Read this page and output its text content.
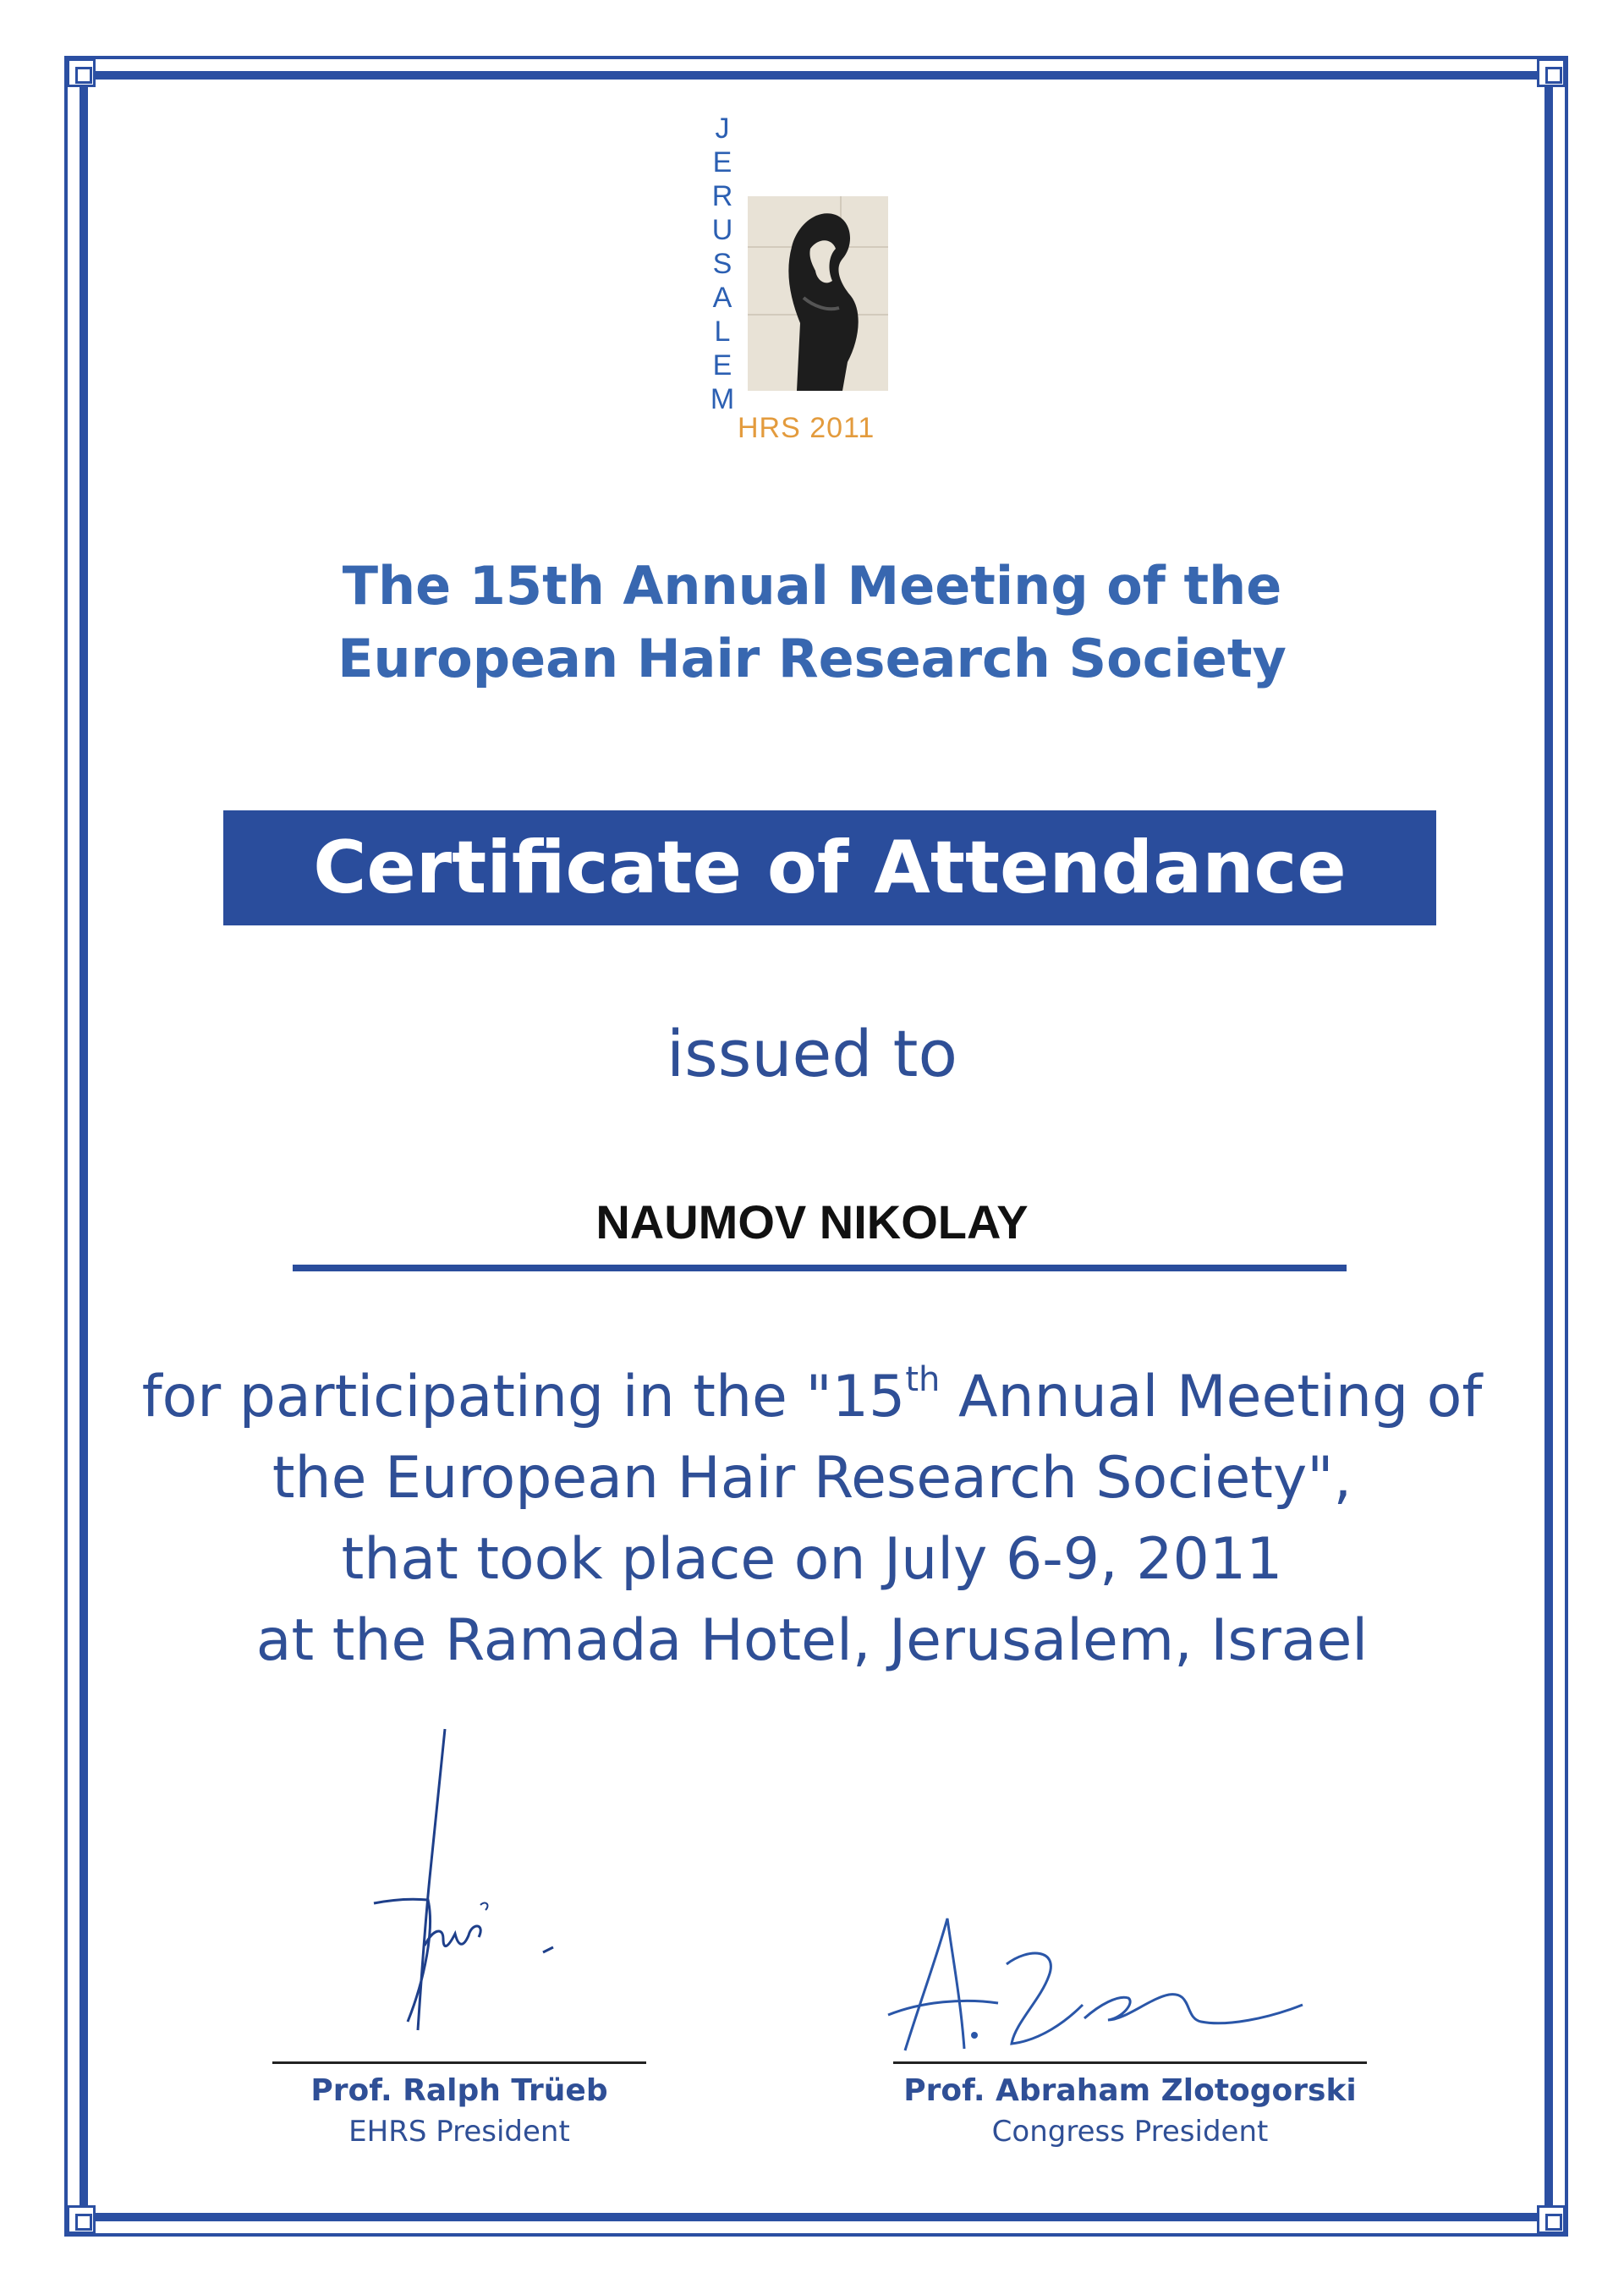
J
E
R
U
S
A
L
E
M
HRS 2011
The 15th Annual Meeting of the
European Hair Research Society
Certificate of Attendance
issued to
NAUMOV NIKOLAY
for participating in the "15th Annual Meeting of
the European Hair Research Society",
that took place on July 6-9, 2011
at the Ramada Hotel, Jerusalem, Israel
Prof. Ralph Trüeb
EHRS President
Prof. Abraham Zlotogorski
Congress President
